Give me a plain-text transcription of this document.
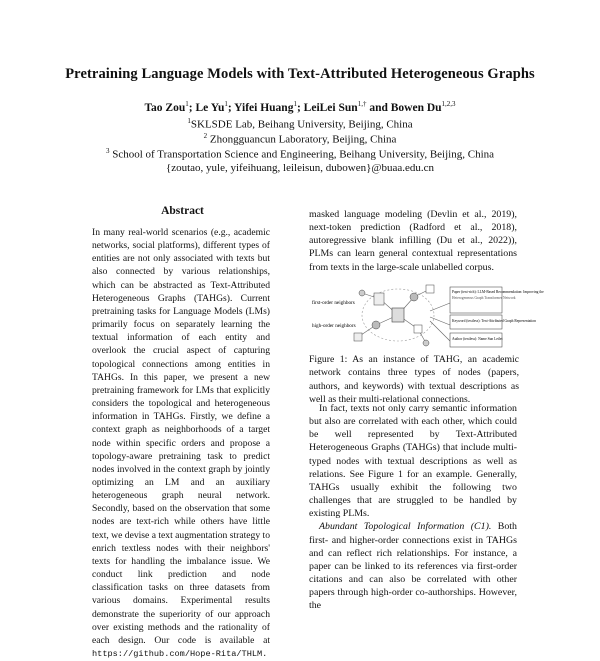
Pretraining Language Models with Text-Attributed Heterogeneous Graphs
Tao Zou$^1$; Le Yu$^1$; Yifei Huang$^1$; LeiLei Sun$^{1,\dagger}$ and Bowen Du$^{1,2,3}$
$^1$SKLSDE Lab, Beihang University, Beijing, China
$^2$ Zhongguancun Laboratory, Beijing, China
$^3$ School of Transportation Science and Engineering, Beihang University, Beijing, China
{zoutao, yule, yifeihuang, leileisun, dubowen}@buaa.edu.cn
Abstract
In many real-world scenarios (e.g., academic networks, social platforms), different types of entities are not only associated with texts but also connected by various relationships, which can be abstracted as Text-Attributed Heterogeneous Graphs (TAHGs). Current pretraining tasks for Language Models (LMs) primarily focus on separately learning the textual information of each entity and overlook the crucial aspect of capturing topological connections among entities in TAHGs. In this paper, we present a new pretraining framework for LMs that explicitly considers the topological and heterogeneous information in TAHGs. Firstly, we define a context graph as neighborhoods of a target node within specific orders and propose a topology-aware pretraining task to predict nodes involved in the context graph by jointly optimizing an LM and an auxiliary heterogeneous graph neural network. Secondly, based on the observation that some nodes are text-rich while others have little text, we devise a text augmentation strategy to enrich textless nodes with their neighbors' texts for handling the imbalance issue. We conduct link prediction and node classification tasks on three datasets from various domains. Experimental results demonstrate the superiority of our approach over existing methods and the rationality of each design. Our code is available at https://github.com/Hope-Rita/THLM.
masked language modeling (Devlin et al., 2019), next-token prediction (Radford et al., 2018), autoregressive blank infilling (Du et al., 2022)), PLMs can learn general contextual representations from texts in the large-scale unlabelled corpus.
first-order neighbors
high-order neighbors
Paper (text-rich): LLM-Based Recommendation: Improving the
Heterogeneous Graph Transformer Network
Keyword (textless): Text-Attributed Graph Representation
Author (textless): Name Sun Leilei
Figure 1: As an instance of TAHG, an academic network contains three types of nodes (papers, authors, and keywords) with textual descriptions as well as their multi-relational connections.

In fact, texts not only carry semantic information but also are correlated with each other, which could be well represented by Text-Attributed Heterogeneous Graphs (TAHGs) that include multi-typed nodes with textual descriptions as well as relations. See Figure 1 for an example. Generally, TAHGs usually exhibit the following two challenges that are struggled to be handled by existing PLMs.

Abundant Topological Information (C1). Both first- and higher-order connections exist in TAHGs and can reflect rich relationships. For instance, a paper can be linked to its references via first-order citations and can also be correlated with other papers through high-order co-authorships. However, the
